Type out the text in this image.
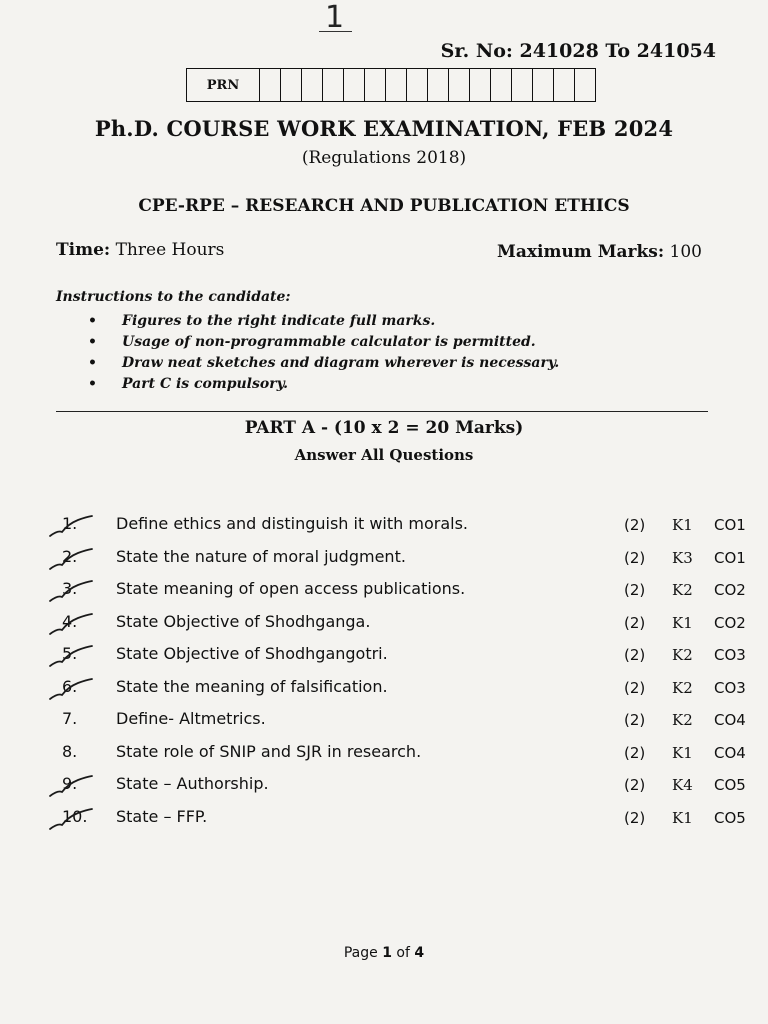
1
Sr. No: 241028 To 241054
PRN
Ph.D. COURSE WORK EXAMINATION, FEB 2024
(Regulations 2018)
CPE-RPE – RESEARCH AND PUBLICATION ETHICS
Time: Three Hours	Maximum Marks: 100
Instructions to the candidate:
• Figures to the right indicate full marks.
• Usage of non-programmable calculator is permitted.
• Draw neat sketches and diagram wherever is necessary.
• Part C is compulsory.
PART A - (10 x 2 = 20 Marks)
Answer All Questions
1.	Define ethics and distinguish it with morals.	(2) K1 CO1
2.	State the nature of moral judgment.	(2) K3 CO1
3.	State meaning of open access publications.	(2) K2 CO2
4.	State Objective of Shodhganga.	(2) K1 CO2
5.	State Objective of Shodhgangotri.	(2) K2 CO3
6.	State the meaning of falsification.	(2) K2 CO3
7.	Define- Altmetrics.	(2) K2 CO4
8.	State role of SNIP and SJR in research.	(2) K1 CO4
9.	State – Authorship.	(2) K4 CO5
10.	State – FFP.	(2) K1 CO5
Page 1 of 4
